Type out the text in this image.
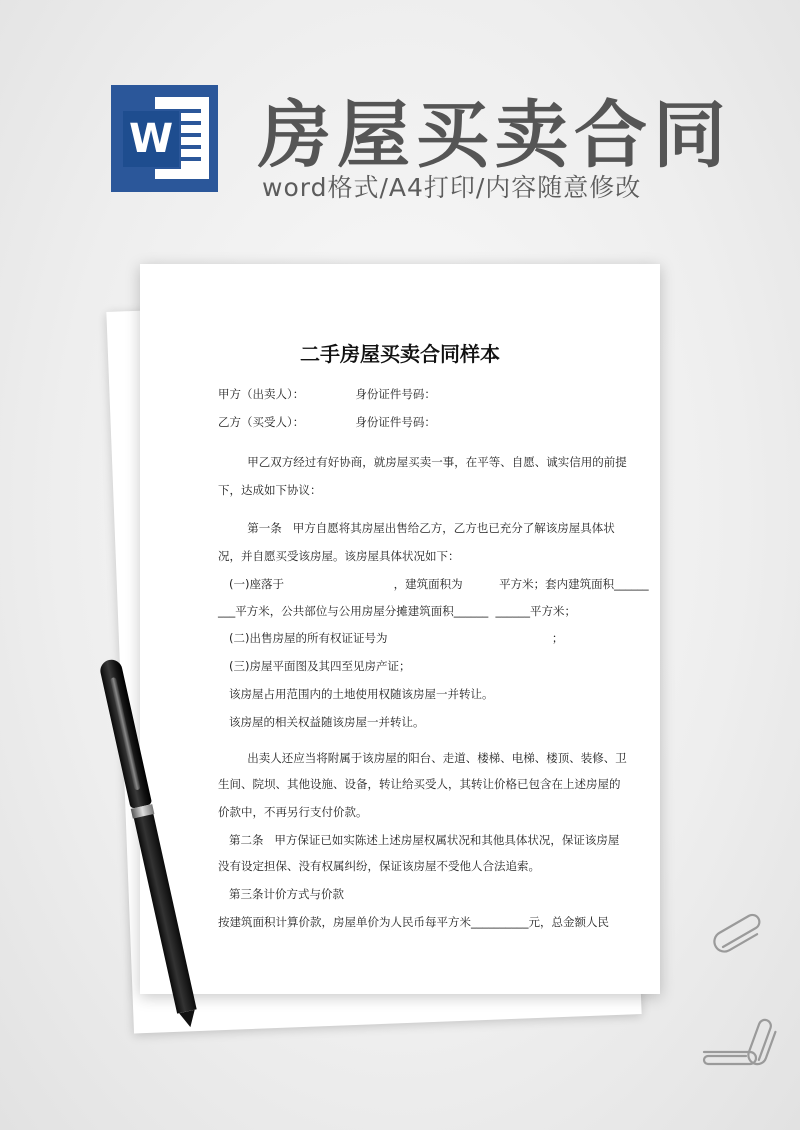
W 房屋买卖合同
word格式/A4打印/内容随意修改
二手房屋买卖合同样本
甲方（出卖人）：              身份证件号码：
乙方（买受人）：              身份证件号码：
甲乙双方经过有好协商，就房屋买卖一事，在平等、自愿、诚实信用的前提
下，达成如下协议：
第一条   甲方自愿将其房屋出售给乙方，乙方也已充分了解该房屋具体状
况，并自愿买受该房屋。该房屋具体状况如下：
(一)座落于                              ，建筑面积为          平方米；套内建筑面积______
___平方米，公共部位与公用房屋分摊建筑面积______  ______平方米；
(二)出售房屋的所有权证证号为                                             ；
(三)房屋平面图及其四至见房产证；
该房屋占用范围内的土地使用权随该房屋一并转让。
该房屋的相关权益随该房屋一并转让。
出卖人还应当将附属于该房屋的阳台、走道、楼梯、电梯、楼顶、装修、卫
生间、院坝、其他设施、设备，转让给买受人，其转让价格已包含在上述房屋的
价款中，不再另行支付价款。
第二条   甲方保证已如实陈述上述房屋权属状况和其他具体状况，保证该房屋
没有设定担保、没有权属纠纷，保证该房屋不受他人合法追索。
第三条计价方式与价款
按建筑面积计算价款，房屋单价为人民币每平方米__________元，总金额人民
